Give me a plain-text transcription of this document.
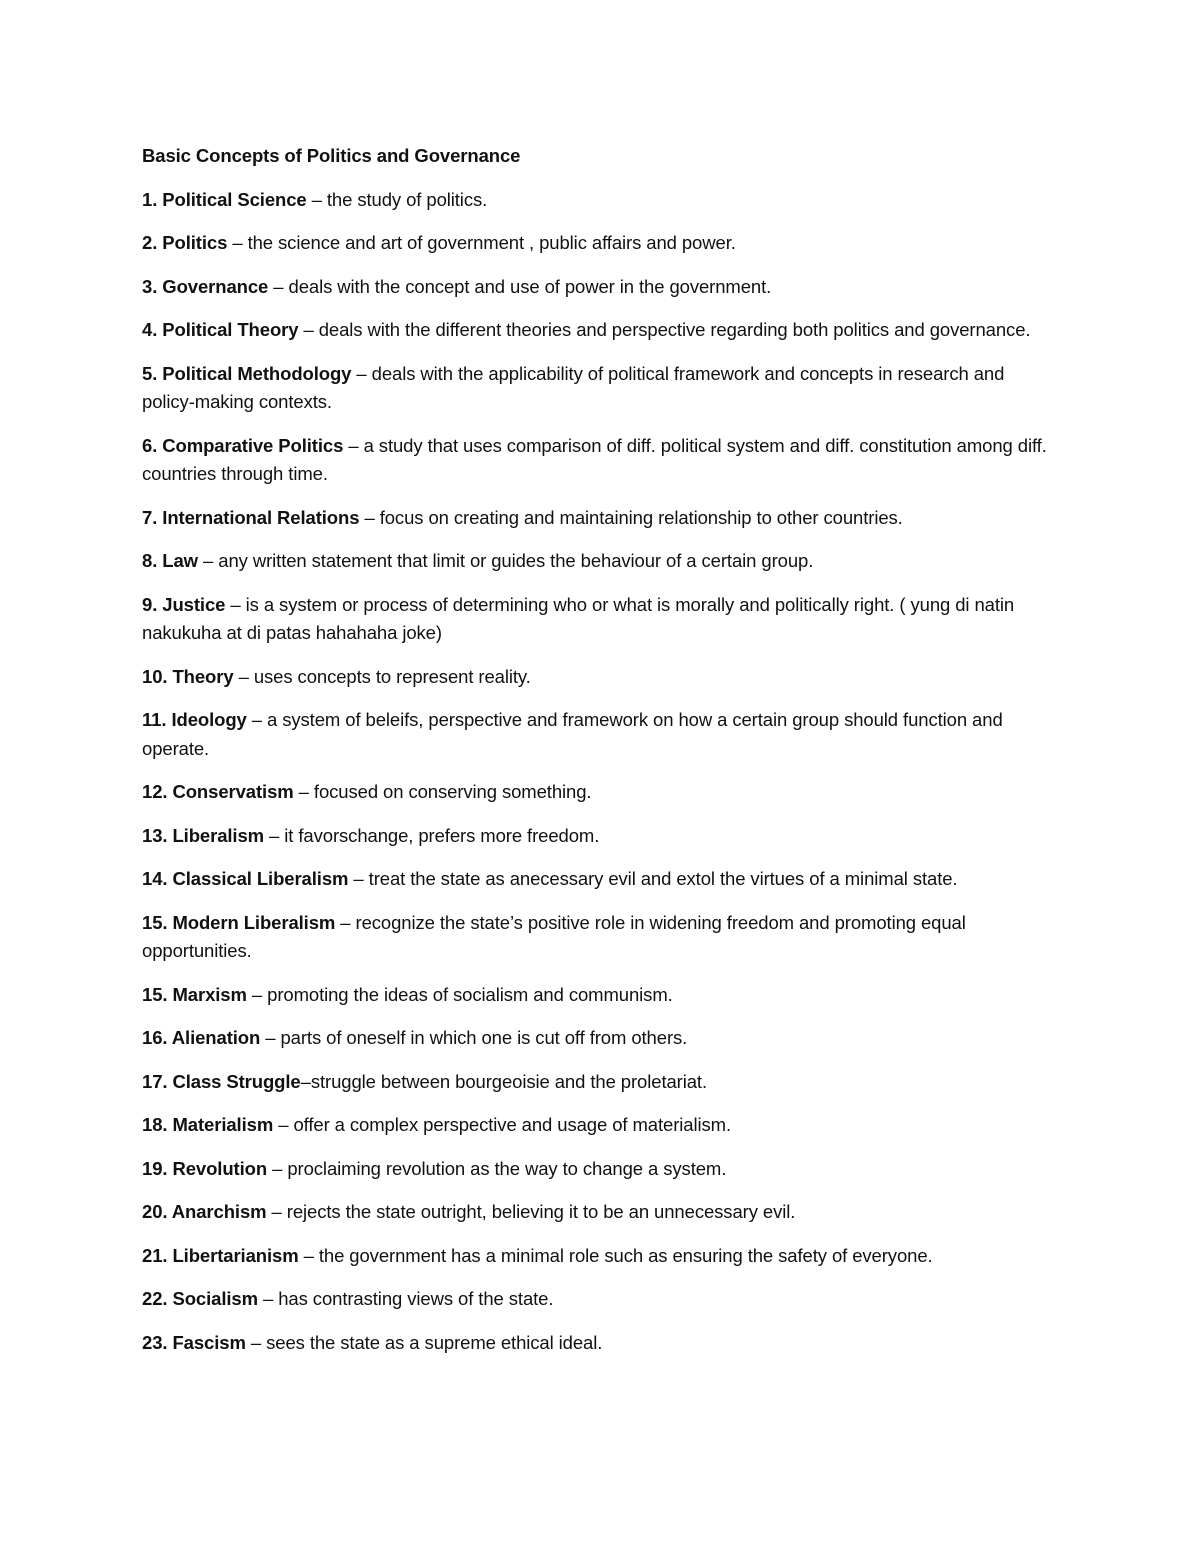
Basic Concepts of Politics and Governance
1. Political Science – the study of politics.
2. Politics – the science and art of government , public affairs and power.
3. Governance – deals with the concept and use of power in the government.
4. Political Theory – deals with the different theories and perspective regarding both politics and governance.
5. Political Methodology – deals with the applicability of political framework and concepts in research and policy-making contexts.
6. Comparative Politics – a study that uses comparison of diff. political system and diff. constitution among diff. countries through time.
7. International Relations – focus on creating and maintaining relationship to other countries.
8. Law – any written statement that limit or guides the behaviour of a certain group.
9. Justice – is a system or process of determining who or what is morally and politically right. ( yung di natin nakukuha at di patas hahahaha joke)
10. Theory – uses concepts to represent reality.
11. Ideology – a system of beleifs, perspective and framework on how a certain group should function and operate.
12. Conservatism – focused on conserving something.
13. Liberalism – it favorschange, prefers more freedom.
14. Classical Liberalism – treat the state as anecessary evil and extol the virtues of a minimal state.
15. Modern Liberalism – recognize the state’s positive role in widening freedom and promoting equal opportunities.
15. Marxism – promoting the ideas of socialism and communism.
16. Alienation – parts of oneself in which one is cut off from others.
17. Class Struggle–struggle between bourgeoisie and the proletariat.
18. Materialism – offer a complex perspective and usage of materialism.
19. Revolution – proclaiming revolution as the way to change a system.
20. Anarchism – rejects the state outright, believing it to be an unnecessary evil.
21. Libertarianism – the government has a minimal role such as ensuring the safety of everyone.
22. Socialism – has contrasting views of the state.
23. Fascism – sees the state as a supreme ethical ideal.
